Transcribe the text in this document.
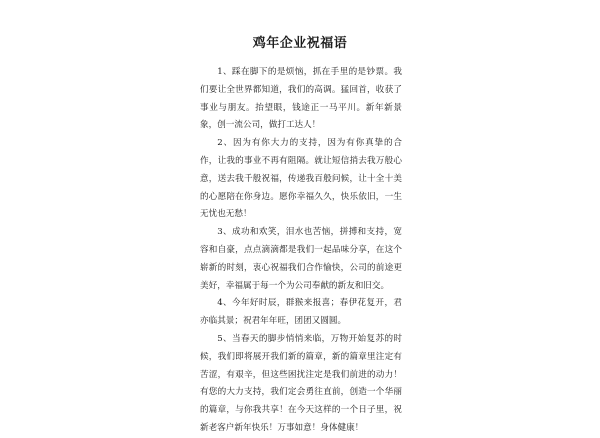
鸡年企业祝福语

1、踩在脚下的是烦恼，抓在手里的是钞票。我们要让全世界都知道，我们的高调。猛回首，收获了事业与朋友。抬望眼，钱途正一马平川。新年新景象，创一流公司，做打工达人！

2、因为有你大力的支持，因为有你真挚的合作，让我的事业不再有阻隔。就让短信捎去我万般心意，送去我千般祝福，传递我百般问候，让十全十美的心愿陪在你身边。愿你幸福久久，快乐依旧，一生无忧也无愁！

3、成功和欢笑，泪水也苦恼，拼搏和支持，宽容和自豪，点点滴滴都是我们一起品味分享，在这个崭新的时刻，衷心祝福我们合作愉快，公司的前途更美好，幸福属于每一个为公司奉献的新友和旧交。

4、今年好时辰，群猴来报喜；春伊花复开，君亦临其景；祝君年年旺，团团又圆圆。

5、当春天的脚步悄悄来临，万物开始复苏的时候，我们即将展开我们新的篇章，新的篇章里注定有苦涩，有艰辛，但这些困扰注定是我们前进的动力！有您的大力支持，我们定会勇往直前，创造一个华丽的篇章，与你我共享！在今天这样的一个日子里，祝新老客户新年快乐！万事如意！身体健康！
